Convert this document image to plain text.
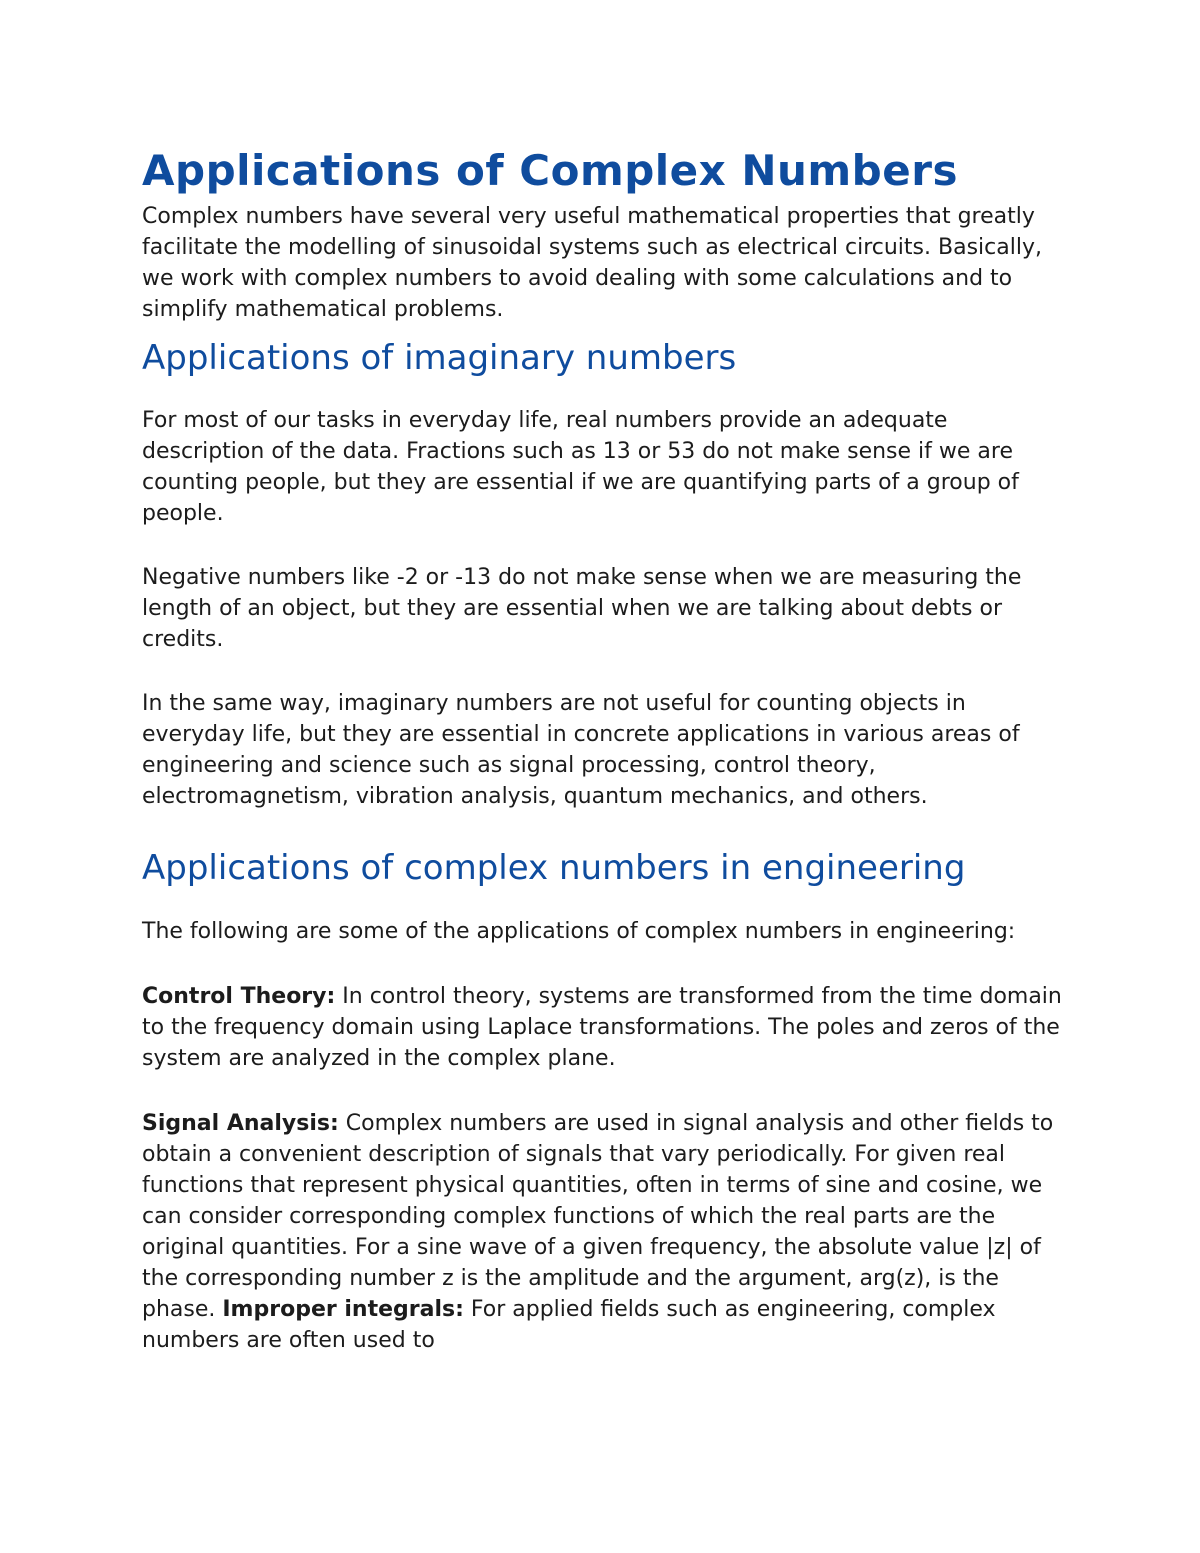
Applications of Complex Numbers

Complex numbers have several very useful mathematical properties that greatly facilitate the modelling of sinusoidal systems such as electrical circuits. Basically, we work with complex numbers to avoid dealing with some calculations and to simplify mathematical problems.

Applications of imaginary numbers

For most of our tasks in everyday life, real numbers provide an adequate description of the data. Fractions such as 13 or 53 do not make sense if we are counting people, but they are essential if we are quantifying parts of a group of people.

Negative numbers like -2 or -13 do not make sense when we are measuring the length of an object, but they are essential when we are talking about debts or credits.

In the same way, imaginary numbers are not useful for counting objects in everyday life, but they are essential in concrete applications in various areas of engineering and science such as signal processing, control theory, electromagnetism, vibration analysis, quantum mechanics, and others.

Applications of complex numbers in engineering

The following are some of the applications of complex numbers in engineering:

Control Theory: In control theory, systems are transformed from the time domain to the frequency domain using Laplace transformations. The poles and zeros of the system are analyzed in the complex plane.

Signal Analysis: Complex numbers are used in signal analysis and other fields to obtain a convenient description of signals that vary periodically. For given real functions that represent physical quantities, often in terms of sine and cosine, we can consider corresponding complex functions of which the real parts are the original quantities. For a sine wave of a given frequency, the absolute value |z| of the corresponding number z is the amplitude and the argument, arg(z), is the phase. Improper integrals: For applied fields such as engineering, complex numbers are often used to
